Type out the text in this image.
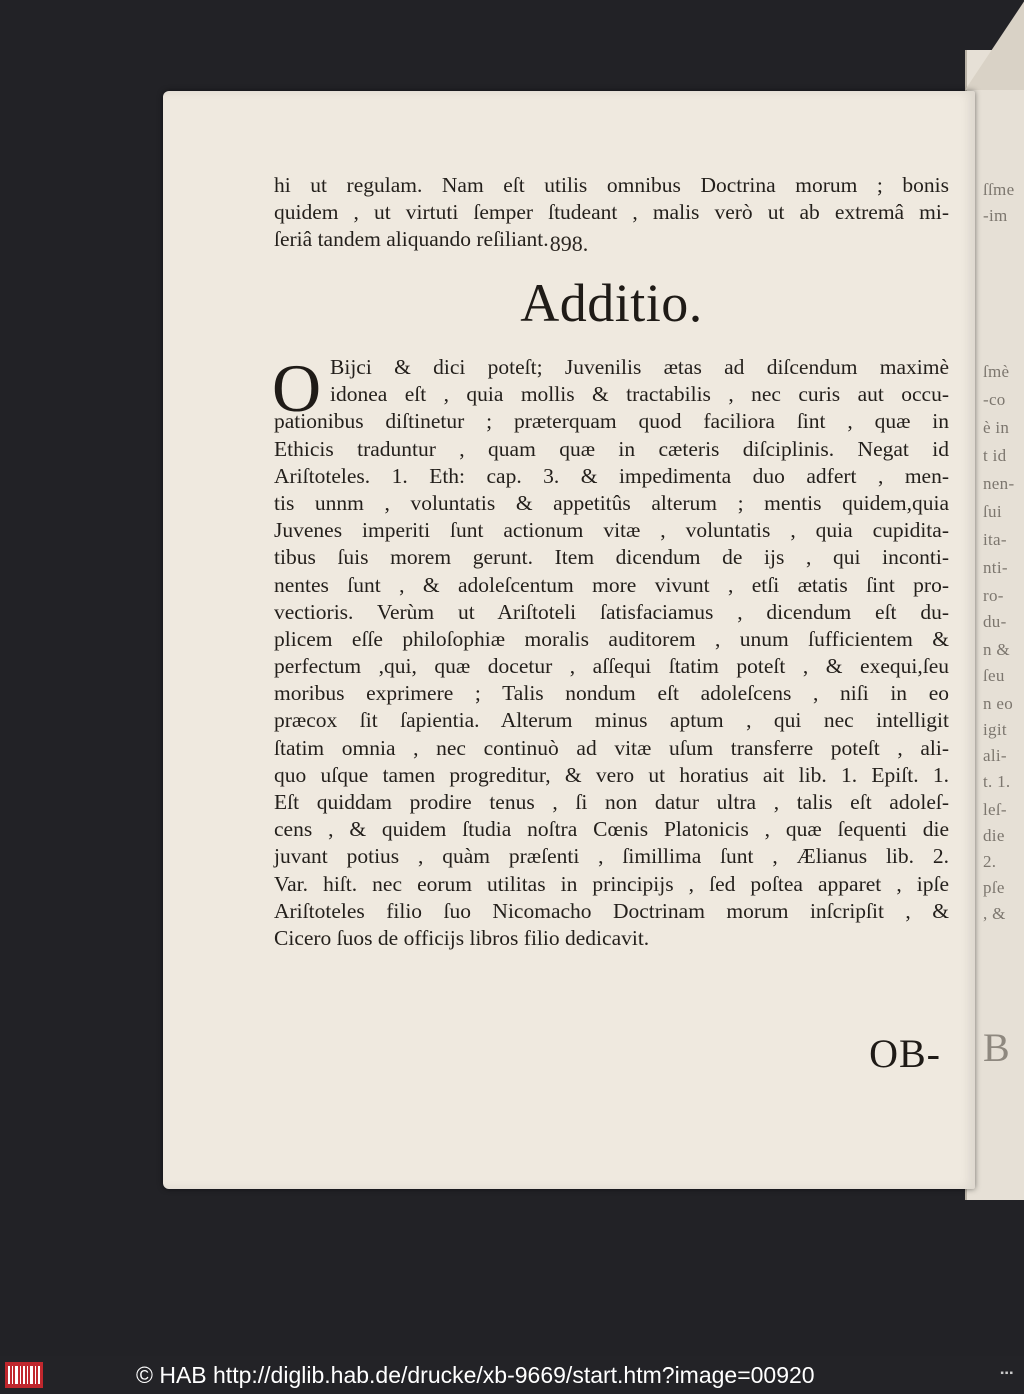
898.
hi ut regulam. Nam eſt utilis omnibus Doctrina morum ; bonis
quidem , ut virtuti ſemper ſtudeant , malis verò ut ab extremâ mi-
ſeriâ tandem aliquando reſiliant.
Additio.
O Bijci & dici poteſt; Juvenilis ætas ad diſcendum maximè
idonea eſt , quia mollis & tractabilis , nec curis aut occu-
pationibus diſtinetur ; præterquam quod faciliora ſint , quæ in
Ethicis traduntur , quam quæ in cæteris diſciplinis. Negat id
Ariſtoteles. 1. Eth: cap. 3. & impedimenta duo adfert , men-
tis unnm , voluntatis & appetitûs alterum ; mentis quidem,quia
Juvenes imperiti ſunt actionum vitæ , voluntatis , quia cupidita-
tibus ſuis morem gerunt. Item dicendum de ijs , qui inconti-
nentes ſunt , & adoleſcentum more vivunt , etſi ætatis ſint pro-
vectioris. Verùm ut Ariſtoteli ſatisfaciamus , dicendum eſt du-
plicem eſſe philoſophiæ moralis auditorem , unum ſufficientem &
perfectum ,qui, quæ docetur , aſſequi ſtatim poteſt , & exequi,ſeu
moribus exprimere ; Talis nondum eſt adoleſcens , niſi in eo
præcox ſit ſapientia. Alterum minus aptum , qui nec intelligit
ſtatim omnia , nec continuò ad vitæ uſum transferre poteſt , ali-
quo uſque tamen progreditur, & vero ut horatius ait lib. 1. Epiſt. 1.
Eſt quiddam prodire tenus , ſi non datur ultra , talis eſt adoleſ-
cens , & quidem ſtudia noſtra Cœnis Platonicis , quæ ſequenti die
juvant potius , quàm præſenti , ſimillima ſunt , Ælianus lib. 2.
Var. hiſt. nec eorum utilitas in principijs , ſed poſtea apparet , ipſe
Ariſtoteles filio ſuo Nicomacho Doctrinam morum inſcripſit , &
Cicero ſuos de officijs libros filio dedicavit.
OB-
ſſme
-im
ſmè
-co
è in
t id
nen-
ſui
ita-
nti-
ro-
du-
n &
ſeu
n eo
igit
ali-
t. 1.
leſ-
die
2.
pſe
, &
B
© HAB http://diglib.hab.de/drucke/xb-9669/start.htm?image=00920	▪▪▪
